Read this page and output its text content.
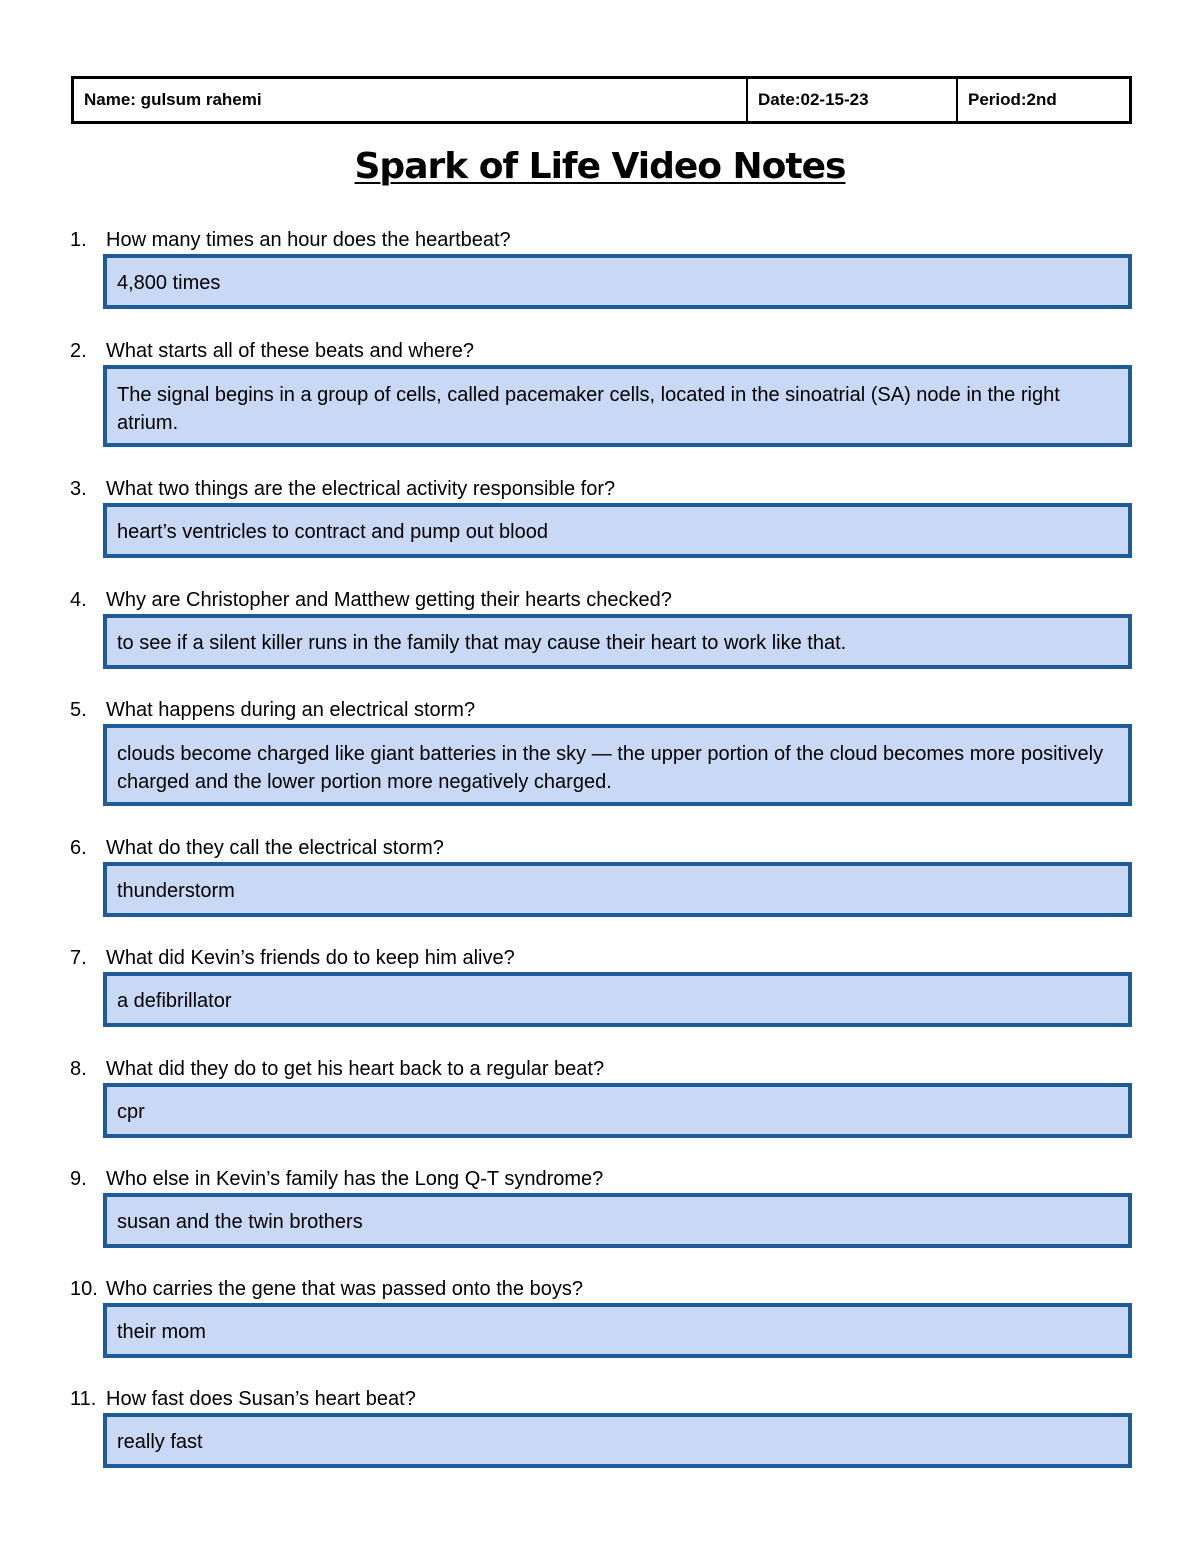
Name: gulsum rahemi	Date:02-15-23	Period:2nd
Spark of Life Video Notes
1. How many times an hour does the heartbeat?
4,800 times
2. What starts all of these beats and where?
The signal begins in a group of cells, called pacemaker cells, located in the sinoatrial (SA) node in the right atrium.
3. What two things are the electrical activity responsible for?
heart’s ventricles to contract and pump out blood
4. Why are Christopher and Matthew getting their hearts checked?
to see if a silent killer runs in the family that may cause their heart to work like that.
5. What happens during an electrical storm?
clouds become charged like giant batteries in the sky — the upper portion of the cloud becomes more positively charged and the lower portion more negatively charged.
6. What do they call the electrical storm?
thunderstorm
7. What did Kevin’s friends do to keep him alive?
a defibrillator
8. What did they do to get his heart back to a regular beat?
cpr
9. Who else in Kevin’s family has the Long Q-T syndrome?
susan and the twin brothers
10. Who carries the gene that was passed onto the boys?
their mom
11. How fast does Susan’s heart beat?
really fast
